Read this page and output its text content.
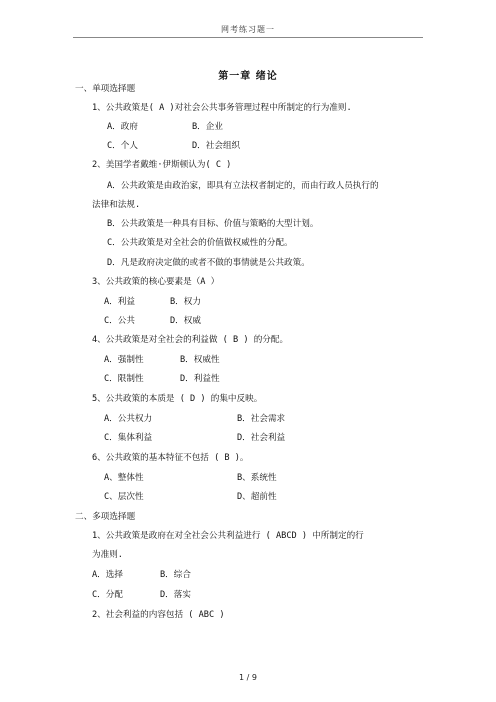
网考练习题一
第一章 绪论
一、单项选择题
1、公共政策是( A )对社会公共事务管理过程中所制定的行为准则.
A．政府	B．企业
C．个人	D．社会组织
2、美国学者戴维·伊斯顿认为( C )
A．公共政策是由政治家，即具有立法权者制定的，而由行政人员执行的
法律和法规.
B．公共政策是一种具有目标、价值与策略的大型计划。
C．公共政策是对全社会的价值做权威性的分配。
D．凡是政府决定做的或者不做的事情就是公共政策。
3、公共政策的核心要素是（A ）
A．利益	B．权力
C．公共	D．权威
4、公共政策是对全社会的利益做 ( B ) 的分配。
A．强制性	B．权威性
C．限制性	D．利益性
5、公共政策的本质是 ( D ) 的集中反映。
A．公共权力	B．社会需求
C．集体利益	D．社会利益
6、公共政策的基本特征不包括 ( B )。
A、整体性	B、系统性
C、层次性	D、超前性
二、多项选择题
1、公共政策是政府在对全社会公共利益进行 ( ABCD ) 中所制定的行
为准则.
A．选择	B．综合
C．分配	D．落实
2、社会利益的内容包括 ( ABC )
1 / 9
